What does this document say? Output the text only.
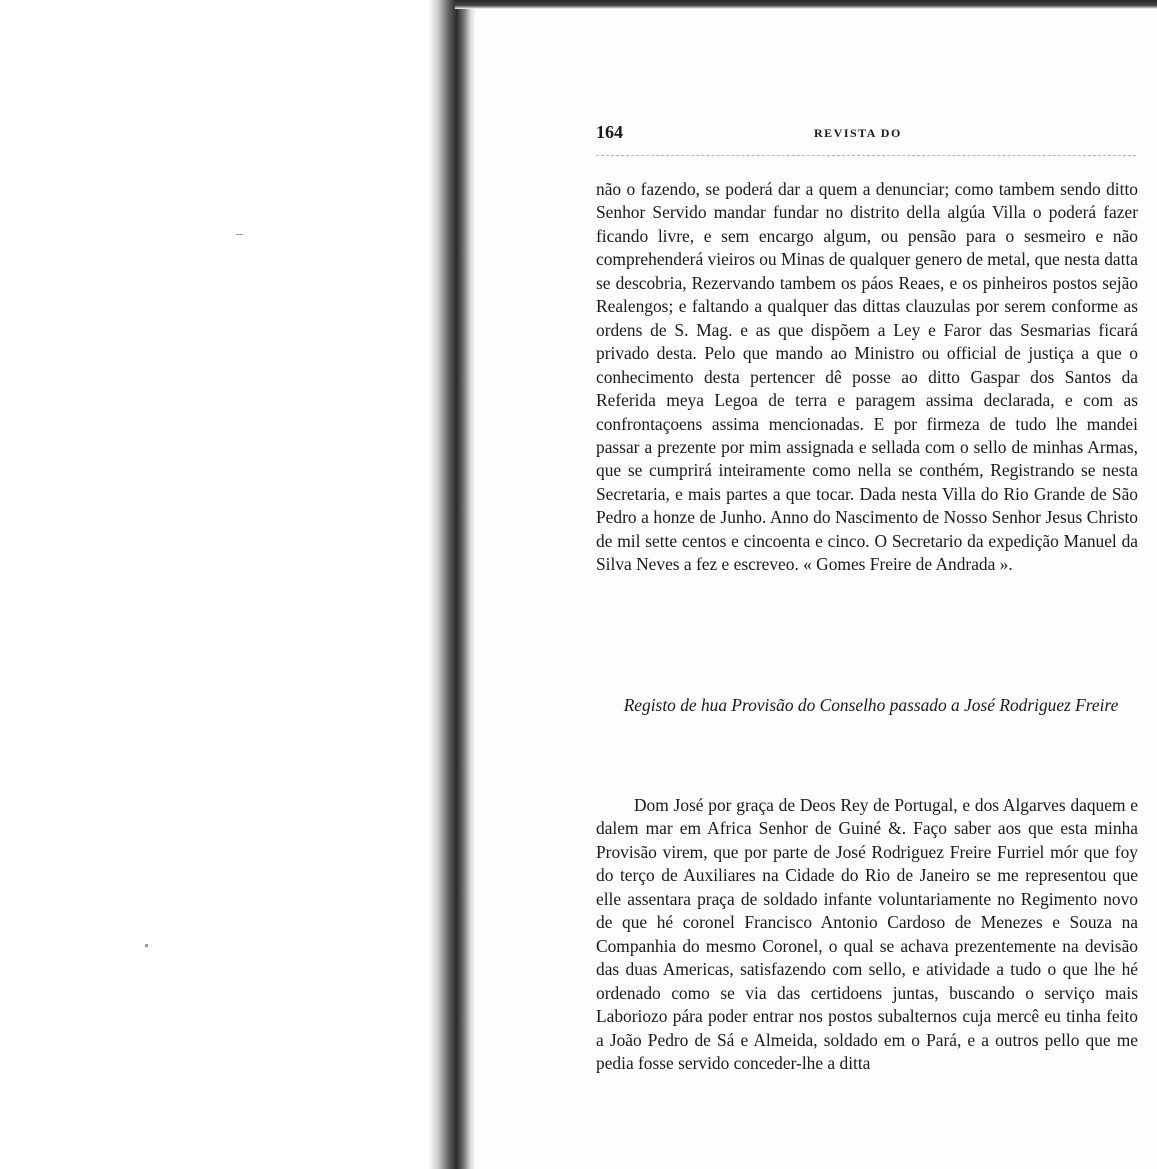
164	REVISTA DO

não o fazendo, se poderá dar a quem a denunciar; como tambem sendo ditto Senhor Servido mandar fundar no distrito della algúa Villa o poderá fazer ficando livre, e sem encargo algum, ou pensão para o sesmeiro e não comprehenderá vieiros ou Minas de qualquer genero de metal, que nesta datta se descobria, Rezervando tambem os páos Reaes, e os pinheiros postos sejão Realengos; e faltando a qualquer das dittas clauzulas por serem conforme as ordens de S. Mag. e as que dispõem a Ley e Faror das Sesmarias ficará privado desta. Pelo que mando ao Ministro ou official de justiça a que o conhecimento desta pertencer dê posse ao ditto Gaspar dos Santos da Referida meya Legoa de terra e paragem assima declarada, e com as confrontaçoens assima mencionadas. E por firmeza de tudo lhe mandei passar a prezente por mim assignada e sellada com o sello de minhas Armas, que se cumprirá inteiramente como nella se conthém, Registrando se nesta Secretaria, e mais partes a que tocar. Dada nesta Villa do Rio Grande de São Pedro a honze de Junho. Anno do Nascimento de Nosso Senhor Jesus Christo de mil sette centos e cincoenta e cinco. O Secretario da expedição Manuel da Silva Neves a fez e escreveo. « Gomes Freire de Andrada ».

Registo de hua Provisão do Conselho passado a José Rodriguez Freire

Dom José por graça de Deos Rey de Portugal, e dos Algarves daquem e dalem mar em Africa Senhor de Guiné &. Faço saber aos que esta minha Provisão virem, que por parte de José Rodriguez Freire Furriel mór que foy do terço de Auxiliares na Cidade do Rio de Janeiro se me representou que elle assentara praça de soldado infante voluntariamente no Regimento novo de que hé coronel Francisco Antonio Cardoso de Menezes e Souza na Companhia do mesmo Coronel, o qual se achava prezentemente na devisão das duas Americas, satisfazendo com sello, e atividade a tudo o que lhe hé ordenado como se via das certidoens juntas, buscando o serviço mais Laboriozo pára poder entrar nos postos subalternos cuja mercê eu tinha feito a João Pedro de Sá e Almeida, soldado em o Pará, e a outros pello que me pedia fosse servido conceder-lhe a ditta
